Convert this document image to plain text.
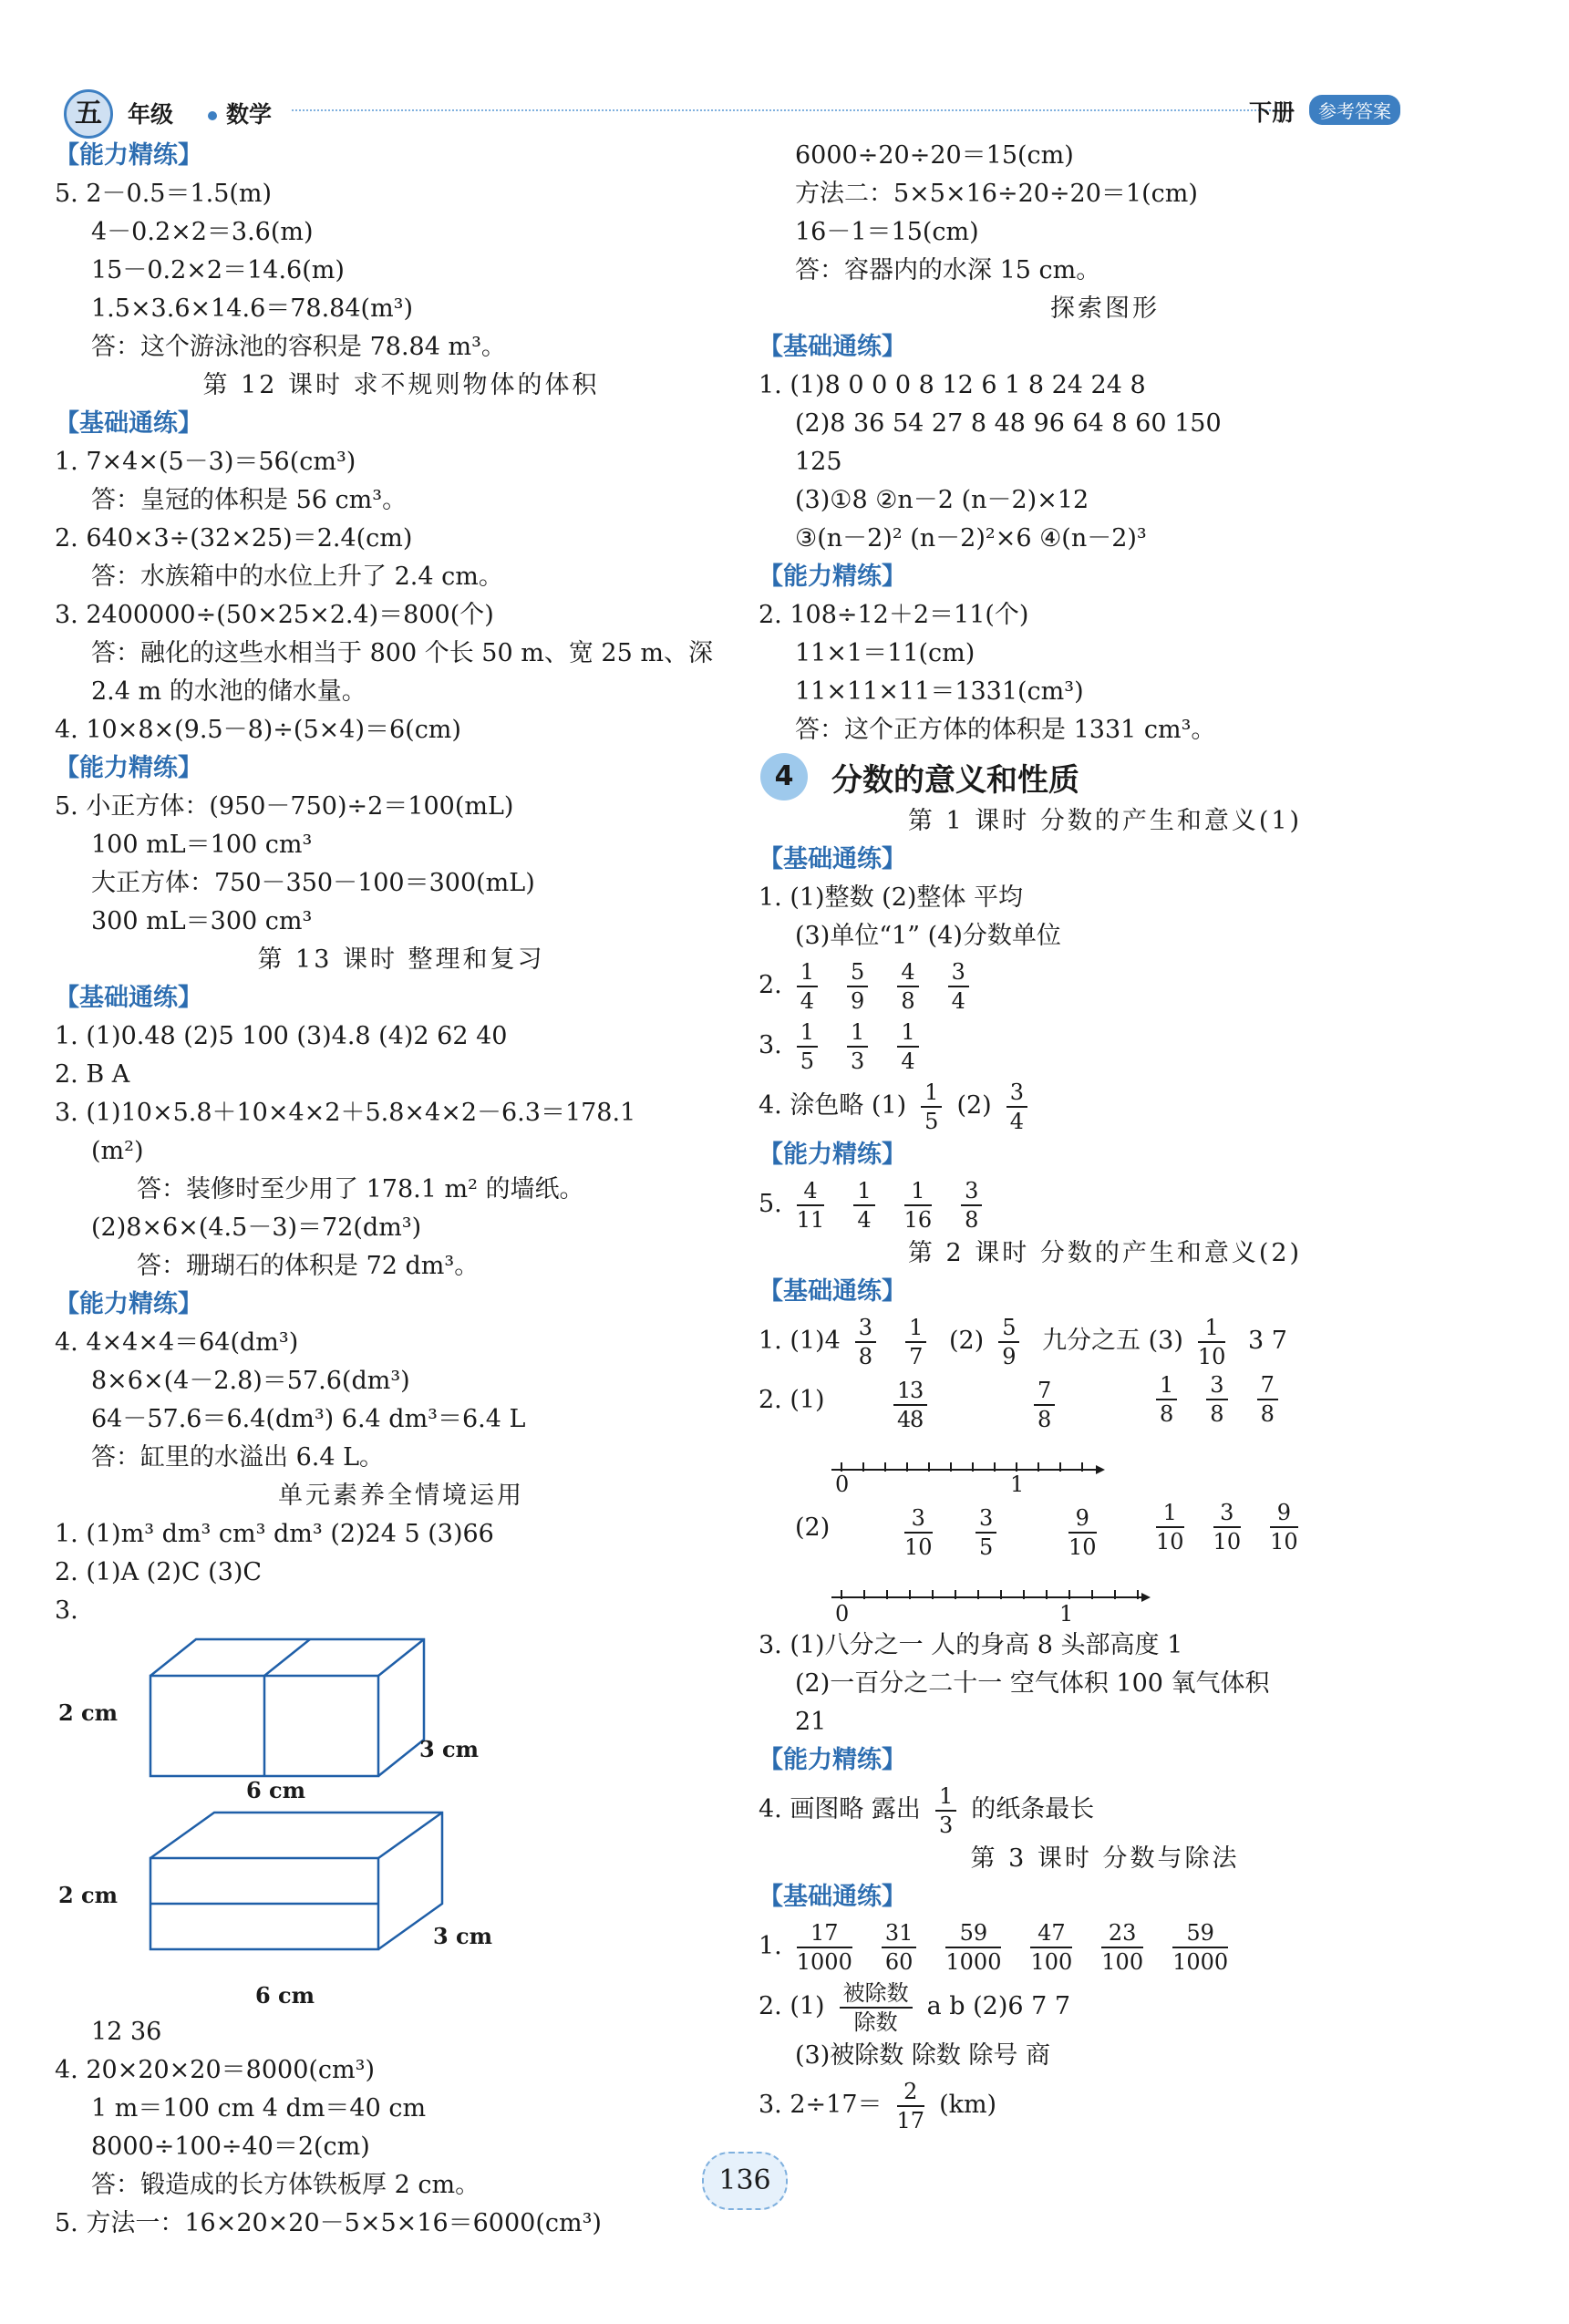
五	年级 数学	下册	参考答案
【能力精练】
5. 2－0.5＝1.5(m)
4－0.2×2＝3.6(m)
15－0.2×2＝14.6(m)
1.5×3.6×14.6＝78.84(m³)
答：这个游泳池的容积是 78.84 m³。
第 12 课时 求不规则物体的体积
【基础通练】
1. 7×4×(5－3)＝56(cm³)
答：皇冠的体积是 56 cm³。
2. 640×3÷(32×25)＝2.4(cm)
答：水族箱中的水位上升了 2.4 cm。
3. 2400000÷(50×25×2.4)＝800(个)
答：融化的这些水相当于 800 个长 50 m、宽 25 m、深
2.4 m 的水池的储水量。
4. 10×8×(9.5－8)÷(5×4)＝6(cm)
【能力精练】
5. 小正方体：(950－750)÷2＝100(mL)
100 mL＝100 cm³
大正方体：750－350－100＝300(mL)
300 mL＝300 cm³
第 13 课时 整理和复习
【基础通练】
1. (1)0.48 (2)5 100 (3)4.8 (4)2 62 40
2. B A
3. (1)10×5.8＋10×4×2＋5.8×4×2－6.3＝178.1
(m²)
答：装修时至少用了 178.1 m² 的墙纸。
(2)8×6×(4.5－3)＝72(dm³)
答：珊瑚石的体积是 72 dm³。
【能力精练】
4. 4×4×4＝64(dm³)
8×6×(4－2.8)＝57.6(dm³)
64－57.6＝6.4(dm³) 6.4 dm³＝6.4 L
答：缸里的水溢出 6.4 L。
单元素养全情境运用
1. (1)m³ dm³ cm³ dm³ (2)24 5 (3)66
2. (1)A (2)C (3)C
3.
2 cm
6 cm
3 cm
2 cm
6 cm
3 cm
12 36
4. 20×20×20＝8000(cm³)
1 m＝100 cm 4 dm＝40 cm
8000÷100÷40＝2(cm)
答：锻造成的长方体铁板厚 2 cm。
5. 方法一：16×20×20－5×5×16＝6000(cm³)
6000÷20÷20＝15(cm)
方法二：5×5×16÷20÷20＝1(cm)
16－1＝15(cm)
答：容器内的水深 15 cm。
探索图形
【基础通练】
1. (1)8 0 0 0 8 12 6 1 8 24 24 8
(2)8 36 54 27 8 48 96 64 8 60 150
125
(3)①8 ②n－2 (n－2)×12
③(n－2)² (n－2)²×6 ④(n－2)³
【能力精练】
2. 108÷12＋2＝11(个)
11×1＝11(cm)
11×11×11＝1331(cm³)
答：这个正方体的体积是 1331 cm³。
4	分数的意义和性质
第 1 课时 分数的产生和意义(1)
【基础通练】
1. (1)整数 (2)整体 平均
(3)单位“1” (4)分数单位
2. $\frac{1}{4} \frac{5}{9} \frac{4}{8} \frac{3}{4}$
3. $\frac{1}{5} \frac{1}{3} \frac{1}{4}$
4. 涂色略 $(1) \frac{1}{5} (2) \frac{3}{4}$
【能力精练】
5. $\frac{4}{11} \frac{1}{4} \frac{1}{16} \frac{3}{8}$
第 2 课时 分数的产生和意义(2)
【基础通练】
1. $(1)4 \frac{3}{8} \frac{1}{7} (2) \frac{5}{9}$ 九分之五 $(3) \frac{1}{10} 3$ 7
2. (1)
0	1
$\frac{1}{4}$
$\frac{3}{8}$	$\frac{7}{8}$	$\frac{1}{8} \frac{3}{8} \frac{7}{8}$
(2)
0	1
$\frac{3}{10} \frac{3}{5}$	$\frac{9}{10}$	$\frac{1}{10} \frac{3}{10} \frac{9}{10}$
3. (1)八分之一 人的身高 8 头部高度 1
(2)一百分之二十一 空气体积 100 氧气体积
21
【能力精练】
4. 画图略 露出 $\frac{1}{3}$ 的纸条最长
第 3 课时 分数与除法
【基础通练】
1. $\frac{17}{1000} \frac{31}{60} \frac{59}{1000} \frac{47}{100} \frac{23}{100} \frac{59}{1000}$
2. $(1) \frac{\text{被除数}}{\text{除数}}$ a b (2)6 7 7
(3)被除数 除数 除号 商
3. $2\div 17= \frac{2}{17} (km)$
136
